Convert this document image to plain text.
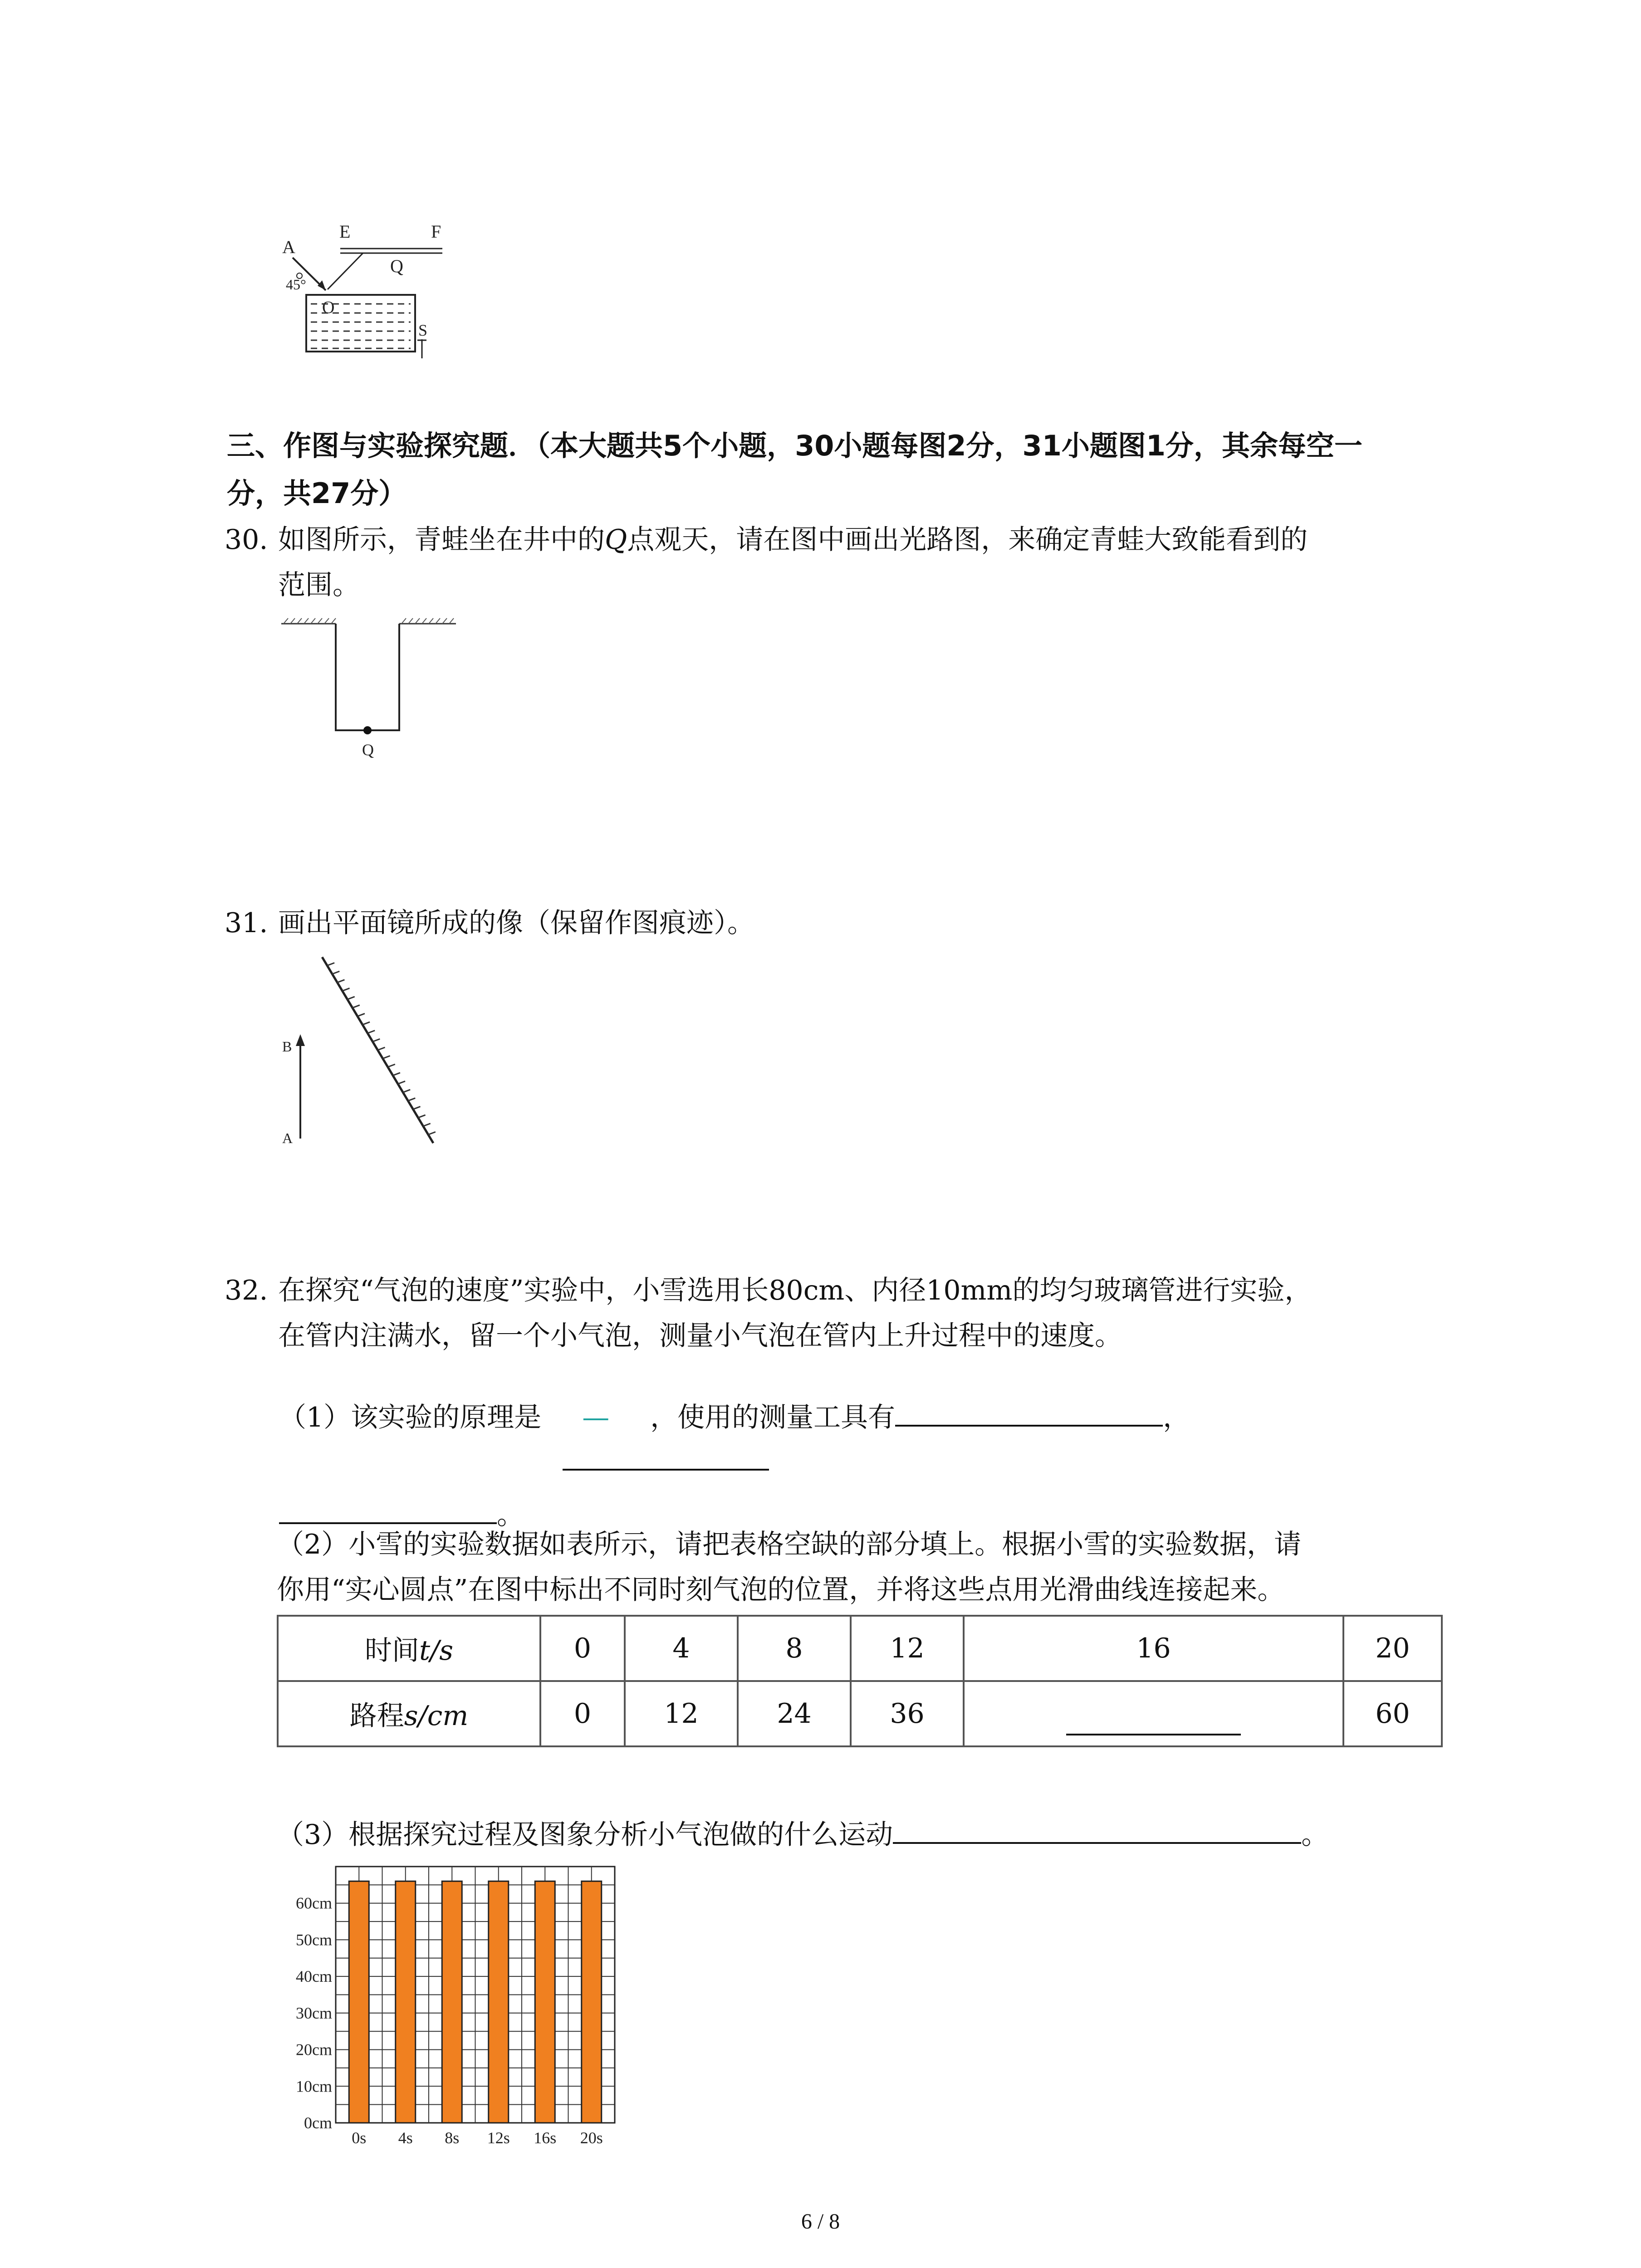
A
E	F
Q
45°
O
S
三、作图与实验探究题．（本大题共5个小题，30小题每图2分，31小题图1分，其余每空一
分，共27分）
30. 如图所示，青蛙坐在井中的Q点观天，请在图中画出光路图，来确定青蛙大致能看到的
范围。
Q
31. 画出平面镜所成的像（保留作图痕迹）。
B
A
32. 在探究“气泡的速度”实验中，小雪选用长80cm、内径10mm的均匀玻璃管进行实验，
在管内注满水，留一个小气泡，测量小气泡在管内上升过程中的速度。
（1）该实验的原理是 — ，使用的测量工具有	，
。
（2）小雪的实验数据如表所示，请把表格空缺的部分填上。根据小雪的实验数据，请
你用“实心圆点”在图中标出不同时刻气泡的位置，并将这些点用光滑曲线连接起来。
时间t/s	0	4	8	12	16	20
路程s/cm	0	12	24	36		60
（3）根据探究过程及图象分析小气泡做的什么运动	。
0cm
10cm
20cm
30cm
40cm
50cm
60cm
0s 4s 8s 12s 16s 20s
6 / 8
